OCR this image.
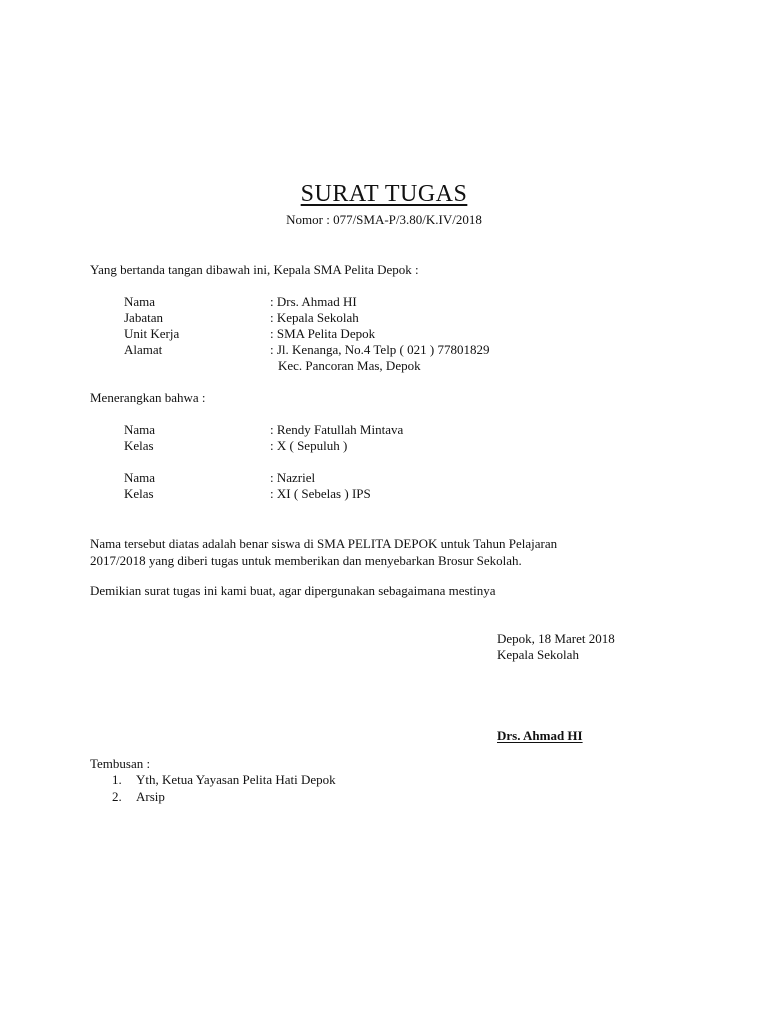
SURAT TUGAS
Nomor : 077/SMA-P/3.80/K.IV/2018
Yang bertanda tangan dibawah ini, Kepala SMA Pelita Depok :
Nama	: Drs. Ahmad HI
Jabatan	: Kepala Sekolah
Unit Kerja	: SMA Pelita Depok
Alamat	: Jl. Kenanga, No.4 Telp ( 021 ) 77801829
Kec. Pancoran Mas, Depok
Menerangkan bahwa :
Nama	: Rendy Fatullah Mintava
Kelas	: X ( Sepuluh )
Nama	: Nazriel
Kelas	: XI ( Sebelas ) IPS
Nama tersebut diatas adalah benar siswa di SMA PELITA DEPOK untuk Tahun Pelajaran
2017/2018 yang diberi tugas untuk memberikan dan menyebarkan Brosur Sekolah.
Demikian surat tugas ini kami buat, agar dipergunakan sebagaimana mestinya
Depok, 18 Maret 2018
Kepala Sekolah
Drs. Ahmad HI
Tembusan :
1. Yth, Ketua Yayasan Pelita Hati Depok
2. Arsip
